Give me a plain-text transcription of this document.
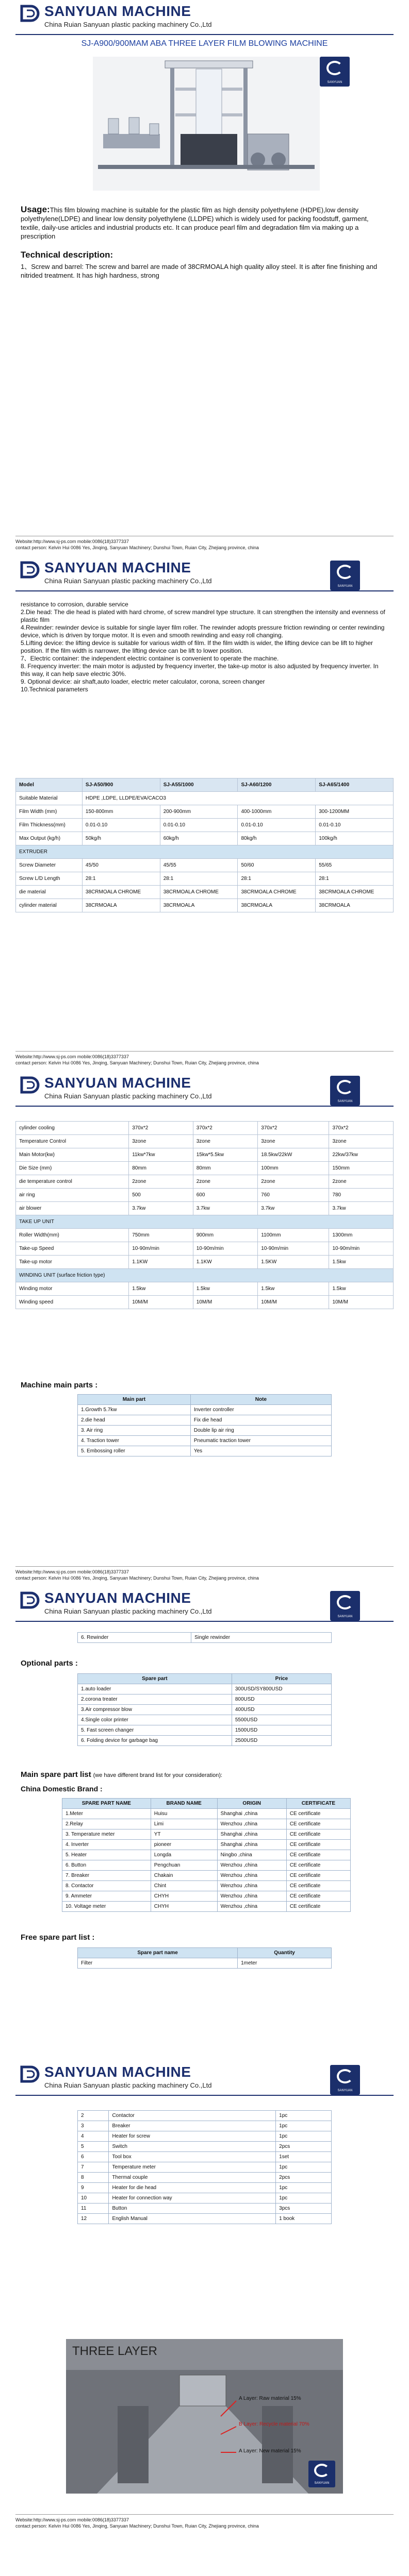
SANYUAN MACHINE
China Ruian Sanyuan plastic packing machinery Co.,Ltd
SJ-A900/900MAM ABA THREE LAYER FILM BLOWING MACHINE
SANYUAN
Usage:This film blowing machine is suitable for the plastic film as high density polyethylene (HDPE),low density polyethylene(LDPE) and linear low density polyethylene (LLDPE) which is widely used for packing foodstuff, garment, textile, daily-use articles and industrial products etc. It can produce pearl film and degradation film via making up a prescription
Technical description:
1、Screw and barrel: The screw and barrel are made of 38CRMOALA high quality alloy steel. It is after fine finishing and nitrided treatment. It has high hardness, strong
Website:http://www.sj-ps.com mobile:0086(18)3377337
contact person: Kelvin Hui 0086 Yes, Jinqing, Sanyuan Machinery; Dunshui Town, Ruian City, Zhejiang province, china
SANYUAN MACHINE
China Ruian Sanyuan plastic packing machinery Co.,Ltd
SANYUAN
resistance to corrosion, durable service
2.Die head: The die head is plated with hard chrome, of screw mandrel type structure. It can strengthen the intensity and evenness of plastic film
4.Rewinder: rewinder device is suitable for single layer film roller. The rewinder adopts pressure friction rewinding or center rewinding device, which is driven by torque motor. It is even and smooth rewinding and easy roll changing.
5.Lifting device: the lifting device is suitable for various width of film. If the film width is wider, the lifting device can be lift to higher position. If the film width is narrower, the lifting device can be lift to lower position.
7、Electric container: the independent electric container is convenient to operate the machine.
8. Frequency inverter: the main motor is adjusted by frequency inverter, the take-up motor is also adjusted by frequency inverter. In this way, it can help save electric 30%.
9. Optional device: air shaft,auto loader, electric meter calculator, corona, screen changer
10.Technical parameters
Model	SJ-A50/900	SJ-A55/1000	SJ-A60/1200	SJ-A65/1400
Suitable Material	HDPE ,LDPE, LLDPE/EVA/CACO3			
Film Width (mm)	150-800mm	200-900mm	400-1000mm	300-1200MM
Film Thickness(mm)	0.01-0.10	0.01-0.10	0.01-0.10	0.01-0.10
Max Output (kg/h)	50kg/h	60kg/h	80kg/h	100kg/h
EXTRUDER				
Screw Diameter	45/50	45/55	50/60	55/65
Screw L/D Length	28:1	28:1	28:1	28:1
die material	38CRMOALA CHROME	38CRMOALA CHROME	38CRMOALA CHROME	38CRMOALA CHROME
cylinder material	38CRMOALA	38CRMOALA	38CRMOALA	38CRMOALA
Website:http://www.sj-ps.com mobile:0086(18)3377337
contact person: Kelvin Hui 0086 Yes, Jinqing, Sanyuan Machinery; Dunshui Town, Ruian City, Zhejiang province, china
SANYUAN MACHINE
China Ruian Sanyuan plastic packing machinery Co.,Ltd
SANYUAN
cylinder cooling	370x*2	370x*2	370x*2	370x*2
Temperature Control	3zone	3zone	3zone	3zone
Main Motor(kw)	11kw*7kw	15kw*5.5kw	18.5kw/22kW	22kw/37kw
Die Size (mm)	80mm	80mm	100mm	150mm
die temperature control	2zone	2zone	2zone	2zone
air ring	500	600	760	780
air blower	3.7kw	3.7kw	3.7kw	3.7kw
TAKE UP UNIT				
Roller Width(mm)	750mm	900mm	1100mm	1300mm
Take-up Speed	10-90m/min	10-90m/min	10-90m/min	10-90m/min
Take-up motor	1.1KW	1.1KW	1.5KW	1.5kw
WINDING UNIT (surface friction type)				
Winding motor	1.5kw	1.5kw	1.5kw	1.5kw
Winding speed	10M/M	10M/M	10M/M	10M/M
Machine main parts :
Main part	Note
1.Growth 5.7kw	Inverter controller
2.die head	Fix die head
3. Air ring	Double lip air ring
4. Traction tower	Pneumatic traction tower
5. Embossing roller	Yes
Website:http://www.sj-ps.com mobile:0086(18)3377337
contact person: Kelvin Hui 0086 Yes, Jinqing, Sanyuan Machinery; Dunshui Town, Ruian City, Zhejiang province, china
SANYUAN MACHINE
China Ruian Sanyuan plastic packing machinery Co.,Ltd
SANYUAN
6. Rewinder	Single rewinder
Optional parts :
Spare part	Price
1.auto loader	300USD/SY800USD
2.corona treater	800USD
3.Air compressor blow	400USD
4.Single color printer	5500USD
5. Fast screen changer	1500USD
6. Folding device for garbage bag	2500USD
Main spare part list (we have different brand list for your consideration):
China Domestic Brand :
SPARE PART NAME	BRAND NAME	ORIGIN	CERTIFICATE
1.Meter	Huisu	Shanghai ,china	CE certificate
2.Relay	Limi	Wenzhou ,china	CE certificate
3. Temperature meter	YT	Shanghai ,china	CE certificate
4. Inverter	pioneer	Shanghai ,china	CE certificate
5. Heater	Longda	Ningbo ,china	CE certificate
6. Button	Pengchuan	Wenzhou ,china	CE certificate
7. Breaker	Chakain	Wenzhou ,china	CE certificate
8. Contactor	Chint	Wenzhou ,china	CE certificate
9. Ammeter	CHYH	Wenzhou ,china	CE certificate
10. Voltage meter	CHYH	Wenzhou ,china	CE certificate
Free spare part list :
Spare part name	Quantity
Filter	1meter
SANYUAN MACHINE
China Ruian Sanyuan plastic packing machinery Co.,Ltd
SANYUAN
2	Contactor	1pc
3	Breaker	1pc
4	Heater for screw	1pc
5	Switch	2pcs
6	Tool box	1set
7	Temperature meter	1pc
8	Thermal couple	2pcs
9	Heater for die head	1pc
10	Heater for connection way	1pc
11	Button	3pcs
12	English Manual	1 book
THREE LAYER
A Layer: Raw material 15%
B Layer: Recycle material 70%
A Layer: New material 15%
SANYUAN
Website:http://www.sj-ps.com mobile:0086(18)3377337
contact person: Kelvin Hui 0086 Yes, Jinqing, Sanyuan Machinery; Dunshui Town, Ruian City, Zhejiang province, china
